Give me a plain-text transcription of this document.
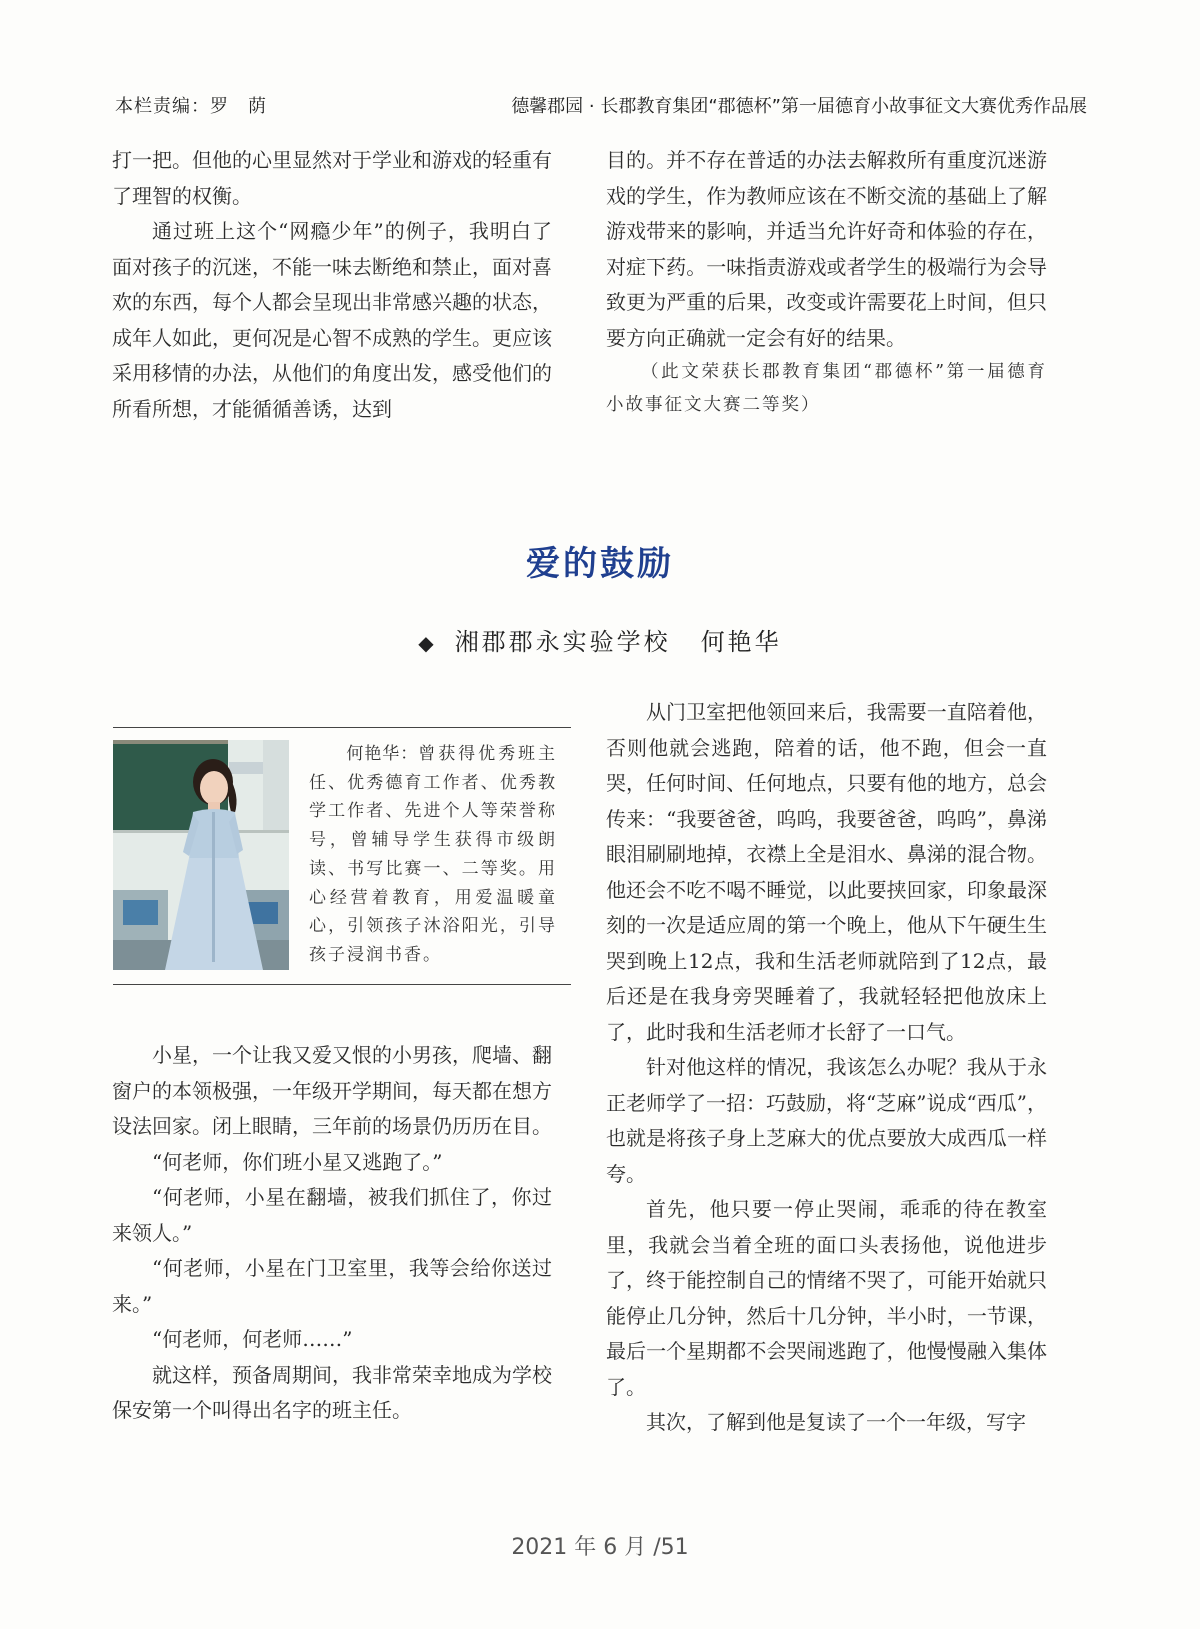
本栏责编：罗　荫	德馨郡园 · 长郡教育集团“郡德杯”第一届德育小故事征文大赛优秀作品展

打一把。但他的心里显然对于学业和游戏的轻重有了理智的权衡。

通过班上这个“网瘾少年”的例子，我明白了面对孩子的沉迷，不能一味去断绝和禁止，面对喜欢的东西，每个人都会呈现出非常感兴趣的状态，成年人如此，更何况是心智不成熟的学生。更应该采用移情的办法，从他们的角度出发，感受他们的所看所想，才能循循善诱，达到

目的。并不存在普适的办法去解救所有重度沉迷游戏的学生，作为教师应该在不断交流的基础上了解游戏带来的影响，并适当允许好奇和体验的存在，对症下药。一味指责游戏或者学生的极端行为会导致更为严重的后果，改变或许需要花上时间，但只要方向正确就一定会有好的结果。

（此文荣获长郡教育集团“郡德杯”第一届德育小故事征文大赛二等奖）

爱的鼓励
◆ 湘郡郡永实验学校 何艳华

何艳华：曾获得优秀班主任、优秀德育工作者、优秀教学工作者、先进个人等荣誉称号，曾辅导学生获得市级朗读、书写比赛一、二等奖。用心经营着教育，用爱温暖童心，引领孩子沐浴阳光，引导孩子浸润书香。

小星，一个让我又爱又恨的小男孩，爬墙、翻窗户的本领极强，一年级开学期间，每天都在想方设法回家。闭上眼睛，三年前的场景仍历历在目。

“何老师，你们班小星又逃跑了。”

“何老师，小星在翻墙，被我们抓住了，你过来领人。”

“何老师，小星在门卫室里，我等会给你送过来。”

“何老师，何老师……”

就这样，预备周期间，我非常荣幸地成为学校保安第一个叫得出名字的班主任。

从门卫室把他领回来后，我需要一直陪着他，否则他就会逃跑，陪着的话，他不跑，但会一直哭，任何时间、任何地点，只要有他的地方，总会传来：“我要爸爸，呜呜，我要爸爸，呜呜”，鼻涕眼泪刷刷地掉，衣襟上全是泪水、鼻涕的混合物。他还会不吃不喝不睡觉，以此要挟回家，印象最深刻的一次是适应周的第一个晚上，他从下午硬生生哭到晚上12点，我和生活老师就陪到了12点，最后还是在我身旁哭睡着了，我就轻轻把他放床上了，此时我和生活老师才长舒了一口气。

针对他这样的情况，我该怎么办呢？我从于永正老师学了一招：巧鼓励，将“芝麻”说成“西瓜”，也就是将孩子身上芝麻大的优点要放大成西瓜一样夸。

首先，他只要一停止哭闹，乖乖的待在教室里，我就会当着全班的面口头表扬他，说他进步了，终于能控制自己的情绪不哭了，可能开始就只能停止几分钟，然后十几分钟，半小时，一节课，最后一个星期都不会哭闹逃跑了，他慢慢融入集体了。

其次，了解到他是复读了一个一年级，写字

2021 年 6 月 /51
